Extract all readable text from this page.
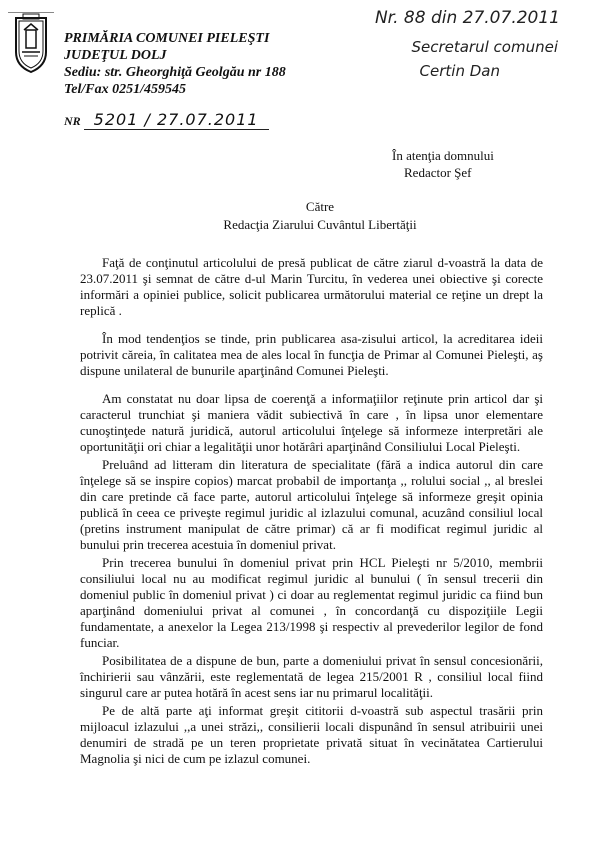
PRIMĂRIA COMUNEI PIELEŞTI
JUDEŢUL DOLJ
Sediu: str. Gheorghiţă Geolgău nr 188
Tel/Fax 0251/459545
NR 5201 / 27.07.2011
Nr. 88 din 27.07.2011
Secretarul comunei
Certin Dan
În atenţia domnului
Redactor Şef
Către
Redacţia Ziarului Cuvântul Libertăţii

Faţă de conţinutul articolului de presă publicat de către ziarul d-voastră la data de 23.07.2011 şi semnat de către d-ul Marin Turcitu, în vederea unei obiective şi corecte informări a opiniei publice, solicit publicarea următorului material ce reţine un drept la replică .

În mod tendenţios se tinde, prin publicarea asa-zisului articol, la acreditarea ideii potrivit căreia, în calitatea mea de ales local în funcţia de Primar al Comunei Pieleşti, aş dispune unilateral de bunurile aparţinând Comunei Pieleşti.

Am constatat nu doar lipsa de coerenţă a informaţiilor reţinute prin articol dar şi caracterul trunchiat şi maniera vădit subiectivă în care , în lipsa unor elementare cunoştinţede natură juridică, autorul articolului înţelege să informeze interpretări ale oportunităţii ori chiar a legalităţii unor hotărâri aparţinând Consiliului Local Pieleşti.

Preluând ad litteram din literatura de specialitate (fără a indica autorul din care înţelege să se inspire copios) marcat probabil de importanţa ,, rolului social ,, al breslei din care pretinde că face parte, autorul articolului înţelege să informeze greşit opinia publică în ceea ce priveşte regimul juridic al izlazului comunal, acuzând consiliul local (pretins instrument manipulat de către primar) că ar fi modificat regimul juridic al bunului prin trecerea acestuia în domeniul privat.

Prin trecerea bunului în domeniul privat prin HCL Pieleşti nr 5/2010, membrii consiliului local nu au modificat regimul juridic al bunului ( în sensul trecerii din domeniul public în domeniul privat ) ci doar au reglementat regimul juridic ca fiind bun aparţinând domeniului privat al comunei , în concordanţă cu dispoziţiile Legii fundamentate, a anexelor la Legea 213/1998 şi respectiv al prevederilor legilor de fond funciar.

Posibilitatea de a dispune de bun, parte a domeniului privat în sensul concesionării, închirierii sau vânzării, este reglementată de legea 215/2001 R , consiliul local fiind singurul care ar putea hotără în acest sens iar nu primarul localităţii.

Pe de altă parte aţi informat greşit cititorii d-voastră sub aspectul trasării prin mijloacul izlazului ,,a unei străzi,, consilierii locali dispunând în sensul atribuirii unei denumiri de stradă pe un teren proprietate privată situat în vecinătatea Cartierului Magnolia şi nici de cum pe izlazul comunei.
